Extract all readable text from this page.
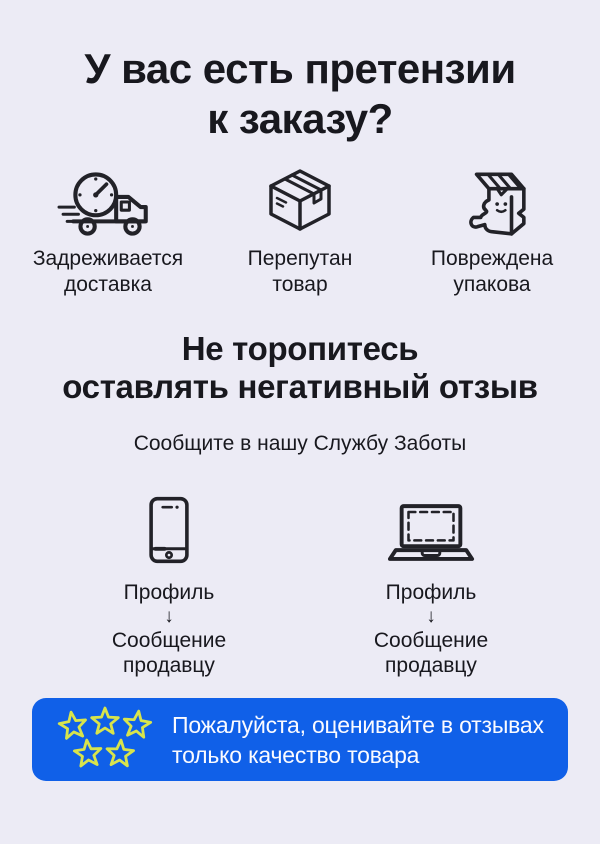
У вас есть претензии
к заказу?
Задреживается
доставка
Перепутан
товар
Повреждена
упакова
Не торопитесь
оставлять негативный отзыв
Сообщите в нашу Службу Заботы
Профиль
↓
Сообщение
продавцу
Профиль
↓
Сообщение
продавцу
Пожалуйста, оценивайте в отзывах
только качество товара
